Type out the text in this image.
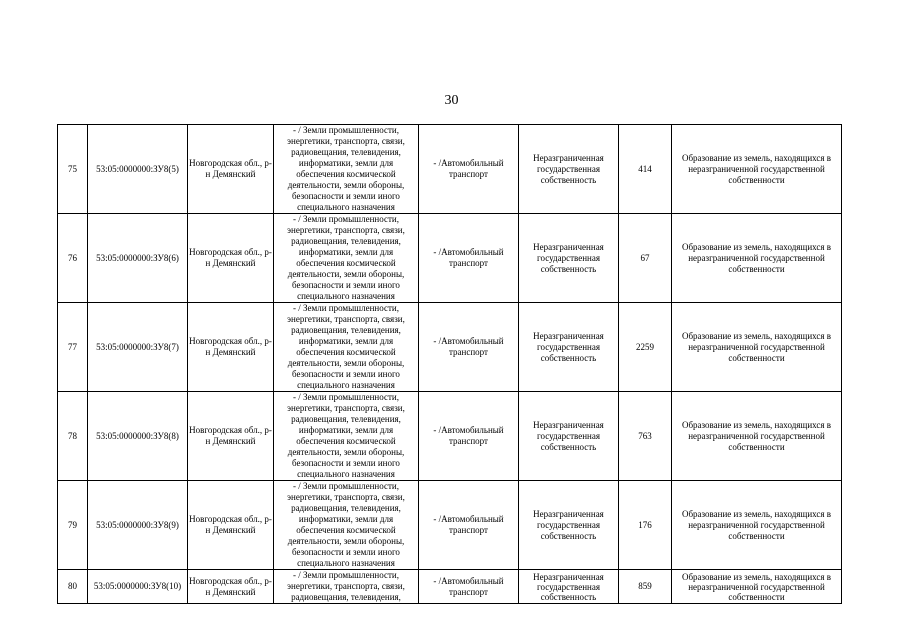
30
75	53:05:0000000:ЗУ8(5)	Новгородская обл., р-н Демянский	- / Земли промышленности, энергетики, транспорта, связи, радиовещания, телевидения, информатики, земли для обеспечения космической деятельности, земли обороны, безопасности и земли иного специального назначения	- /Автомобильный транспорт	Неразграниченная государственная собственность	414	Образование из земель, находящихся в неразграниченной государственной собственности
76	53:05:0000000:ЗУ8(6)	Новгородская обл., р-н Демянский	- / Земли промышленности, энергетики, транспорта, связи, радиовещания, телевидения, информатики, земли для обеспечения космической деятельности, земли обороны, безопасности и земли иного специального назначения	- /Автомобильный транспорт	Неразграниченная государственная собственность	67	Образование из земель, находящихся в неразграниченной государственной собственности
77	53:05:0000000:ЗУ8(7)	Новгородская обл., р-н Демянский	- / Земли промышленности, энергетики, транспорта, связи, радиовещания, телевидения, информатики, земли для обеспечения космической деятельности, земли обороны, безопасности и земли иного специального назначения	- /Автомобильный транспорт	Неразграниченная государственная собственность	2259	Образование из земель, находящихся в неразграниченной государственной собственности
78	53:05:0000000:ЗУ8(8)	Новгородская обл., р-н Демянский	- / Земли промышленности, энергетики, транспорта, связи, радиовещания, телевидения, информатики, земли для обеспечения космической деятельности, земли обороны, безопасности и земли иного специального назначения	- /Автомобильный транспорт	Неразграниченная государственная собственность	763	Образование из земель, находящихся в неразграниченной государственной собственности
79	53:05:0000000:ЗУ8(9)	Новгородская обл., р-н Демянский	- / Земли промышленности, энергетики, транспорта, связи, радиовещания, телевидения, информатики, земли для обеспечения космической деятельности, земли обороны, безопасности и земли иного специального назначения	- /Автомобильный транспорт	Неразграниченная государственная собственность	176	Образование из земель, находящихся в неразграниченной государственной собственности
80	53:05:0000000:ЗУ8(10)	Новгородская обл., р-н Демянский	- / Земли промышленности, энергетики, транспорта, связи, радиовещания, телевидения,	- /Автомобильный транспорт	Неразграниченная государственная собственность	859	Образование из земель, находящихся в неразграниченной государственной собственности
